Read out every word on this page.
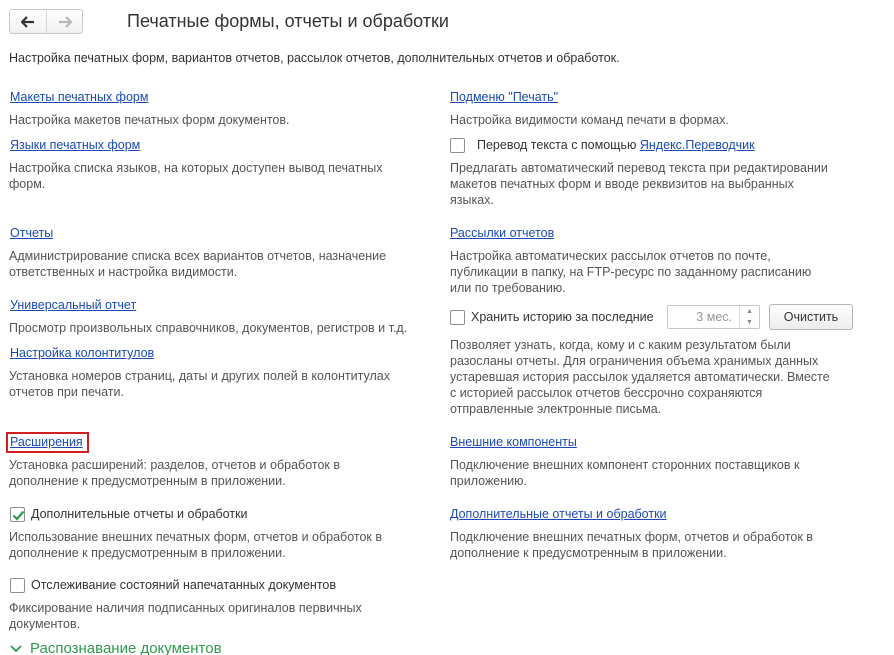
Печатные формы, отчеты и обработки
Настройка печатных форм, вариантов отчетов, рассылок отчетов, дополнительных отчетов и обработок.
Макеты печатных форм
Настройка макетов печатных форм документов.
Языки печатных форм
Настройка списка языков, на которых доступен вывод печатных
форм.
Отчеты
Администрирование списка всех вариантов отчетов, назначение
ответственных и настройка видимости.
Универсальный отчет
Просмотр произвольных справочников, документов, регистров и т.д.
Настройка колонтитулов
Установка номеров страниц, даты и других полей в колонтитулах
отчетов при печати.
Расширения
Установка расширений: разделов, отчетов и обработок в
дополнение к предусмотренным в приложении.
Дополнительные отчеты и обработки
Использование внешних печатных форм, отчетов и обработок в
дополнение к предусмотренным в приложении.
Отслеживание состояний напечатанных документов
Фиксирование наличия подписанных оригиналов первичных
документов.
Распознавание документов
Подменю "Печать"
Настройка видимости команд печати в формах.
Перевод текста с помощью Яндекс.Переводчик
Предлагать автоматический перевод текста при редактировании
макетов печатных форм и вводе реквизитов на выбранных
языках.
Рассылки отчетов
Настройка автоматических рассылок отчетов по почте,
публикации в папку, на FTP-ресурс по заданному расписанию
или по требованию.
Хранить историю за последние	3 мес.	▲
▼	Очистить
Позволяет узнать, когда, кому и с каким результатом были
разосланы отчеты. Для ограничения объема хранимых данных
устаревшая история рассылок удаляется автоматически. Вместе
с историей рассылок отчетов бессрочно сохраняются
отправленные электронные письма.
Внешние компоненты
Подключение внешних компонент сторонних поставщиков к
приложению.
Дополнительные отчеты и обработки
Подключение внешних печатных форм, отчетов и обработок в
дополнение к предусмотренным в приложении.
